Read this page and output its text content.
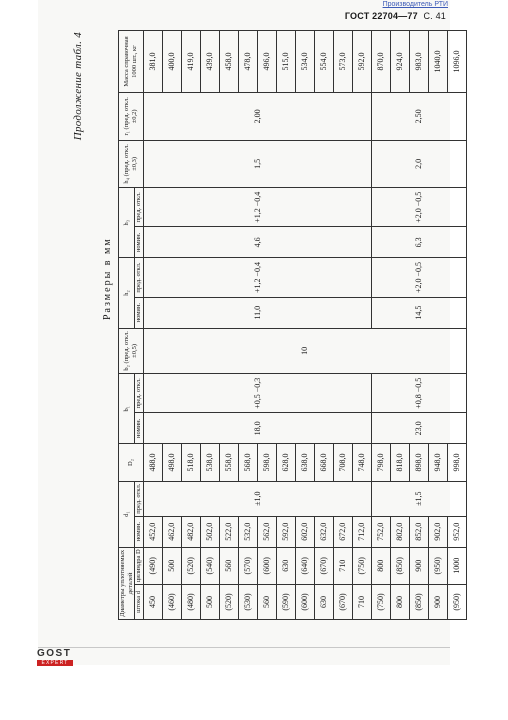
Производитель РТИ
ГОСТ 22704—77 С. 41
Продолжение табл. 4
Размеры в мм
Диаметры уплотняемых деталей		d₁		D₂	b₁		b₂ (пред. откл. ±0,5)	h₂		h₃		h₄ (пред. откл. ±0,3)	r₁ (пред. откл. ±0,2)	Масса справочная 1000 шт., кг
штока d	цилиндра D	номин.	пред. откл.		номин.	пред. откл.		номин.	пред. откл.	номин.	пред. откл.			
450	(490)	452,0	±1,0	488,0	18,0	+0,5 −0,3	10	11,0	+1,2 −0,4	4,6	+1,2 −0,4	1,5	2,00	381,0
(460)	500	462,0		498,0										400,0
(480)	(520)	482,0		518,0										419,0
500	(540)	502,0		538,0										439,0
(520)	560	522,0		558,0										458,0
(530)	(570)	532,0		568,0										478,0
560	(600)	562,0		598,0										496,0
(590)	630	592,0		628,0										515,0
(600)	(640)	602,0		638,0										534,0
630	(670)	632,0		668,0										554,0
(670)	710	672,0		708,0										573,0
710	(750)	712,0		748,0										592,0
(750)	800	752,0	±1,5	798,0	23,0	+0,8 −0,5		14,5	+2,0 −0,5	6,3	+2,0 −0,5	2,0	2,50	870,0
800	(850)	802,0		818,0										924,0
(850)	900	852,0		898,0										983,0
900	(950)	902,0		948,0										1040,0
(950)	1000	952,0		998,0										1096,0
GOST
EXPERT
